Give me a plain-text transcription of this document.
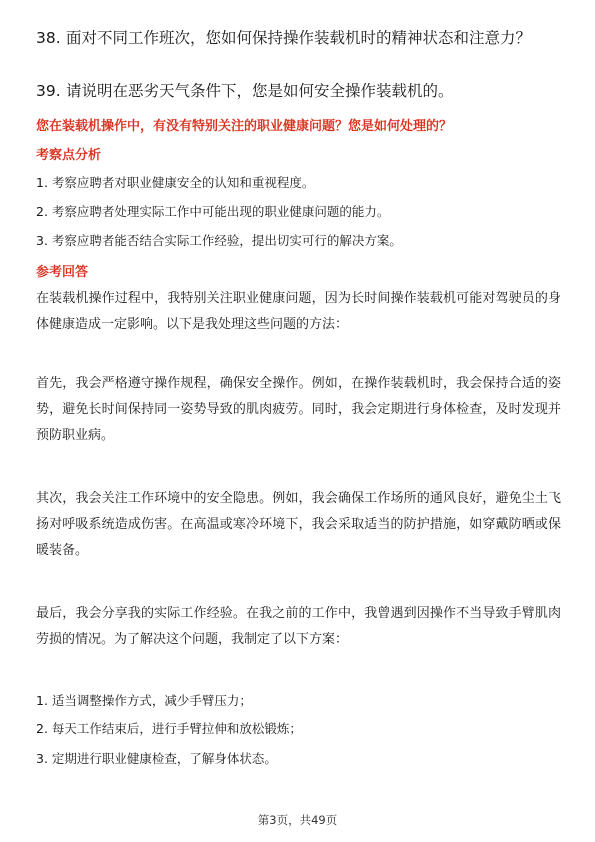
38. 面对不同工作班次，您如何保持操作装载机时的精神状态和注意力？
39. 请说明在恶劣天气条件下，您是如何安全操作装载机的。
您在装载机操作中，有没有特别关注的职业健康问题？您是如何处理的？
考察点分析
1. 考察应聘者对职业健康安全的认知和重视程度。
2. 考察应聘者处理实际工作中可能出现的职业健康问题的能力。
3. 考察应聘者能否结合实际工作经验，提出切实可行的解决方案。
参考回答
在装载机操作过程中，我特别关注职业健康问题，因为长时间操作装载机可能对驾驶员的身体健康造成一定影响。以下是我处理这些问题的方法：
首先，我会严格遵守操作规程，确保安全操作。例如，在操作装载机时，我会保持合适的姿势，避免长时间保持同一姿势导致的肌肉疲劳。同时，我会定期进行身体检查，及时发现并预防职业病。
其次，我会关注工作环境中的安全隐患。例如，我会确保工作场所的通风良好，避免尘土飞扬对呼吸系统造成伤害。在高温或寒冷环境下，我会采取适当的防护措施，如穿戴防晒或保暖装备。
最后，我会分享我的实际工作经验。在我之前的工作中，我曾遇到因操作不当导致手臂肌肉劳损的情况。为了解决这个问题，我制定了以下方案：
1. 适当调整操作方式，减少手臂压力；
2. 每天工作结束后，进行手臂拉伸和放松锻炼；
3. 定期进行职业健康检查，了解身体状态。
第3页，共49页
